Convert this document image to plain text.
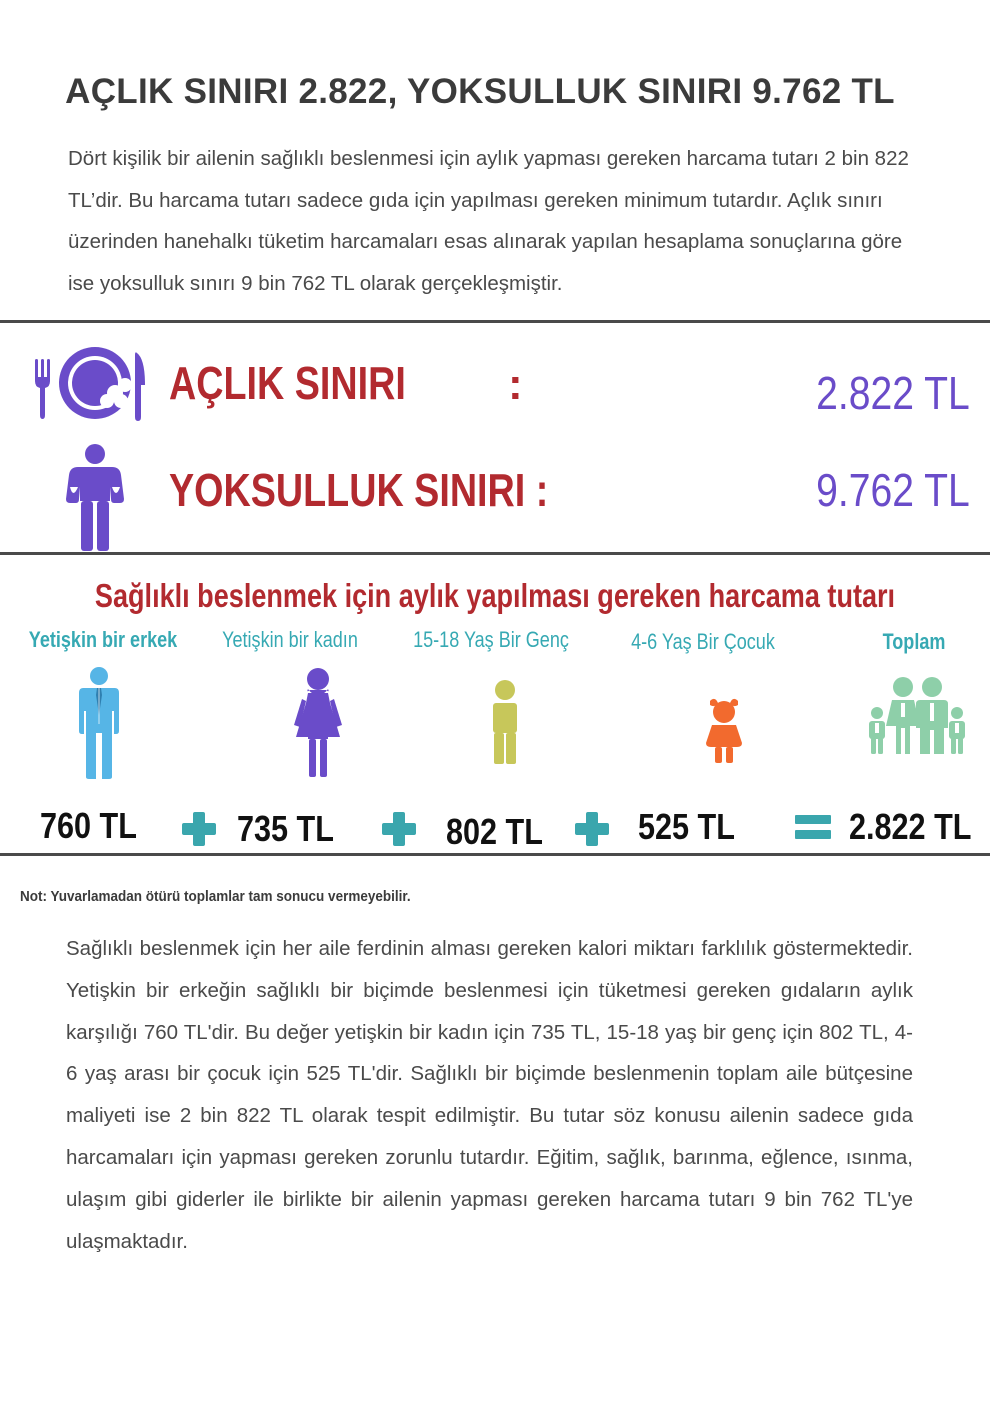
AÇLIK SINIRI 2.822, YOKSULLUK SINIRI 9.762 TL
Dört kişilik bir ailenin sağlıklı beslenmesi için aylık yapması gereken harcama tutarı 2 bin 822 TL’dir. Bu harcama tutarı sadece gıda için yapılması gereken minimum tutardır. Açlık sınırı üzerinden hanehalkı tüketim harcamaları esas alınarak yapılan hesaplama sonuçlarına göre ise yoksulluk sınırı 9 bin 762 TL olarak gerçekleşmiştir.
AÇLIK SINIRI :	2.822 TL
YOKSULLUK SINIRI :	9.762 TL
Sağlıklı beslenmek için aylık yapılması gereken harcama tutarı
Yetişkin bir erkek	Yetişkin bir kadın	15-18 Yaş Bir Genç	4-6 Yaş Bir Çocuk	Toplam
760 TL	735 TL	802 TL	525 TL	2.822 TL
Not: Yuvarlamadan ötürü toplamlar tam sonucu vermeyebilir.
Sağlıklı beslenmek için her aile ferdinin alması gereken kalori miktarı farklılık göstermektedir. Yetişkin bir erkeğin sağlıklı bir biçimde beslenmesi için tüketmesi gereken gıdaların aylık karşılığı 760 TL'dir. Bu değer yetişkin bir kadın için 735 TL, 15-18 yaş bir genç için 802 TL, 4-6 yaş arası bir çocuk için 525 TL'dir. Sağlıklı bir biçimde beslenmenin toplam aile bütçesine maliyeti ise 2 bin 822 TL olarak tespit edilmiştir. Bu tutar söz konusu ailenin sadece gıda harcamaları için yapması gereken zorunlu tutardır. Eğitim, sağlık, barınma, eğlence, ısınma, ulaşım gibi giderler ile birlikte bir ailenin yapması gereken harcama tutarı 9 bin 762 TL'ye ulaşmaktadır.
